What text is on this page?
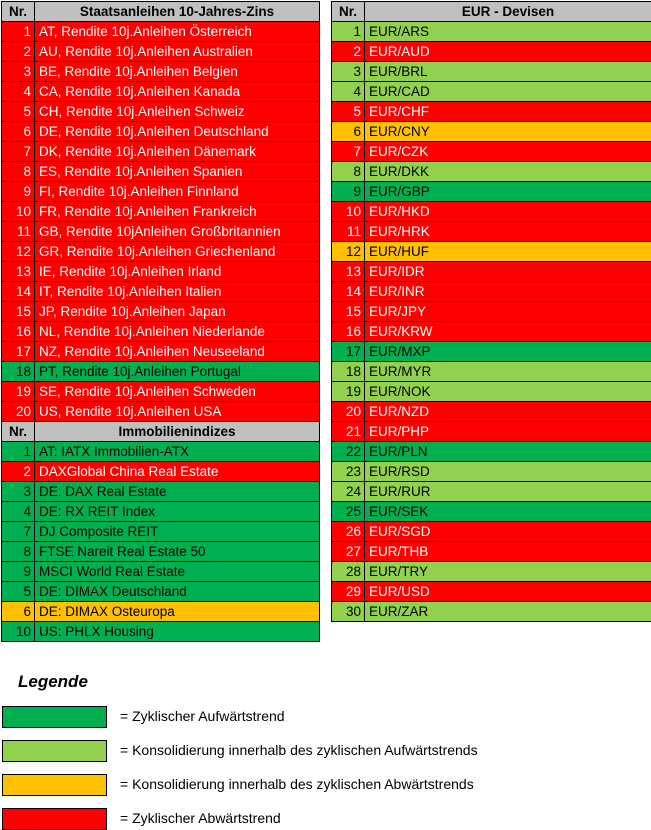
Nr.	Staatsanleihen 10-Jahres-Zins
1	AT, Rendite 10j.Anleihen Österreich
2	AU, Rendite 10j.Anleihen Australien
3	BE, Rendite 10j.Anleihen Belgien
4	CA, Rendite 10j.Anleihen Kanada
5	CH, Rendite 10j.Anleihen Schweiz
6	DE, Rendite 10j.Anleihen Deutschland
7	DK, Rendite 10j.Anleihen Dänemark
8	ES, Rendite 10j.Anleihen Spanien
9	FI, Rendite 10j.Anleihen Finnland
10	FR, Rendite 10j.Anleihen Frankreich
11	GB, Rendite 10jAnleihen Großbritannien
12	GR, Rendite 10j.Anleihen Griechenland
13	IE, Rendite 10j.Anleihen Irland
14	IT, Rendite 10j.Anleihen Italien
15	JP, Rendite 10j.Anleihen Japan
16	NL, Rendite 10j.Anleihen Niederlande
17	NZ, Rendite 10j.Anleihen Neuseeland
18	PT, Rendite 10j.Anleihen Portugal
19	SE, Rendite 10j.Anleihen Schweden
20	US, Rendite 10j.Anleihen USA
Nr.	Immobilienindizes
1	AT: IATX Immobilien-ATX
2	DAXGlobal China Real Estate
3	DE: DAX Real Estate
4	DE: RX REIT Index
7	DJ Composite REIT
8	FTSE Nareit Real Estate 50
9	MSCI World Real Estate
5	DE: DIMAX Deutschland
6	DE: DIMAX Osteuropa
10	US: PHLX Housing
Nr.	EUR - Devisen
1	EUR/ARS
2	EUR/AUD
3	EUR/BRL
4	EUR/CAD
5	EUR/CHF
6	EUR/CNY
7	EUR/CZK
8	EUR/DKK
9	EUR/GBP
10	EUR/HKD
11	EUR/HRK
12	EUR/HUF
13	EUR/IDR
14	EUR/INR
15	EUR/JPY
16	EUR/KRW
17	EUR/MXP
18	EUR/MYR
19	EUR/NOK
20	EUR/NZD
21	EUR/PHP
22	EUR/PLN
23	EUR/RSD
24	EUR/RUR
25	EUR/SEK
26	EUR/SGD
27	EUR/THB
28	EUR/TRY
29	EUR/USD
30	EUR/ZAR
Legende
= Zyklischer Aufwärtstrend
= Konsolidierung innerhalb des zyklischen Aufwärtstrends
= Konsolidierung innerhalb des zyklischen Abwärtstrends
= Zyklischer Abwärtstrend
